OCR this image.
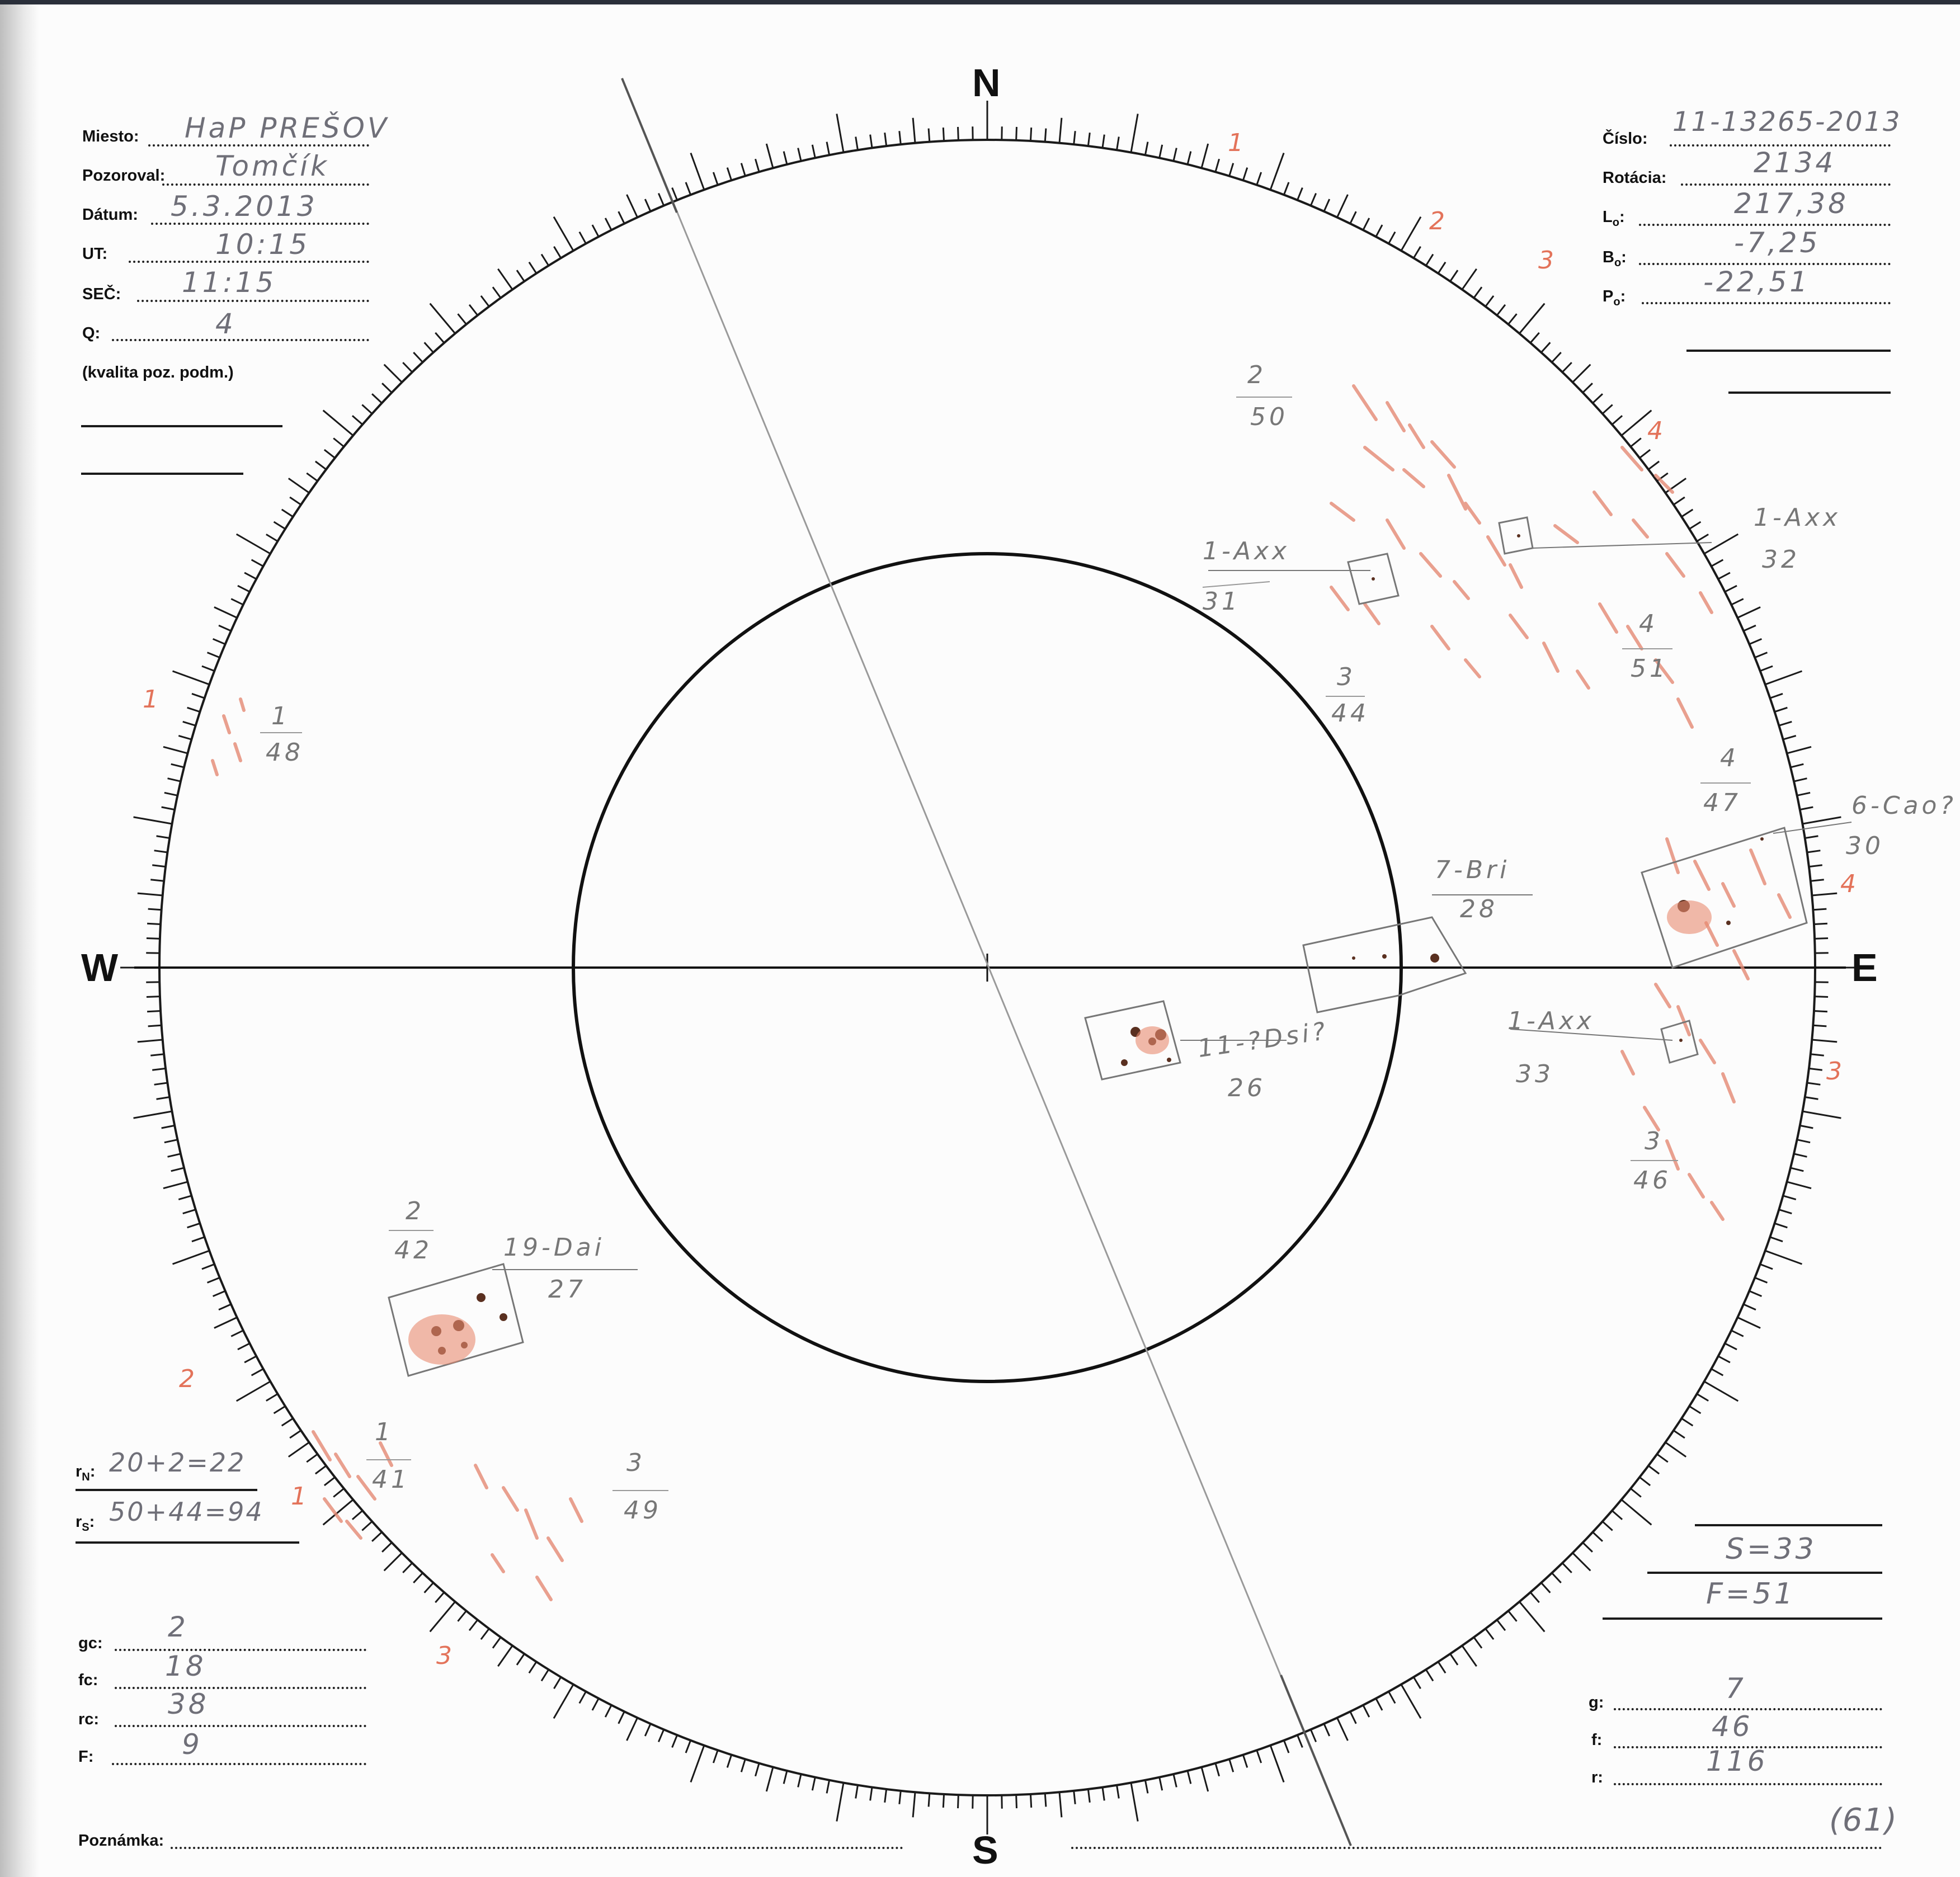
N
S
W	E
Miesto: HaP PREŠOV
Pozoroval: Tomčík
Dátum: 5.3.2013
UT:	10:15
SEČ: 11:15
Q:	4
(kvalita poz. podm.)
Číslo:
11-13265-2013
Rotácia:	2134
$L_o$:	217,38
$B_o$:	-7,25
$P_o$:	-22,51
$r_N$: 20+2=22
$r_S$: 50+44=94
gc: 2
fc: 18
rc: 38
F:	9
S=33
F=51
g:	7
f:	46
r:	116
Poznámka:
(61)
7-Bri
28
11-?Dsi?
26
19-Dai
27
6-Cao?
30
1-Axx
31
1-Axx
32
1-Axx
33
2
50
3
44
4
51
4
47
3
46
1
48
2
42
1
41
3
49
1
2
3
4
4
3
1
2
1
3
